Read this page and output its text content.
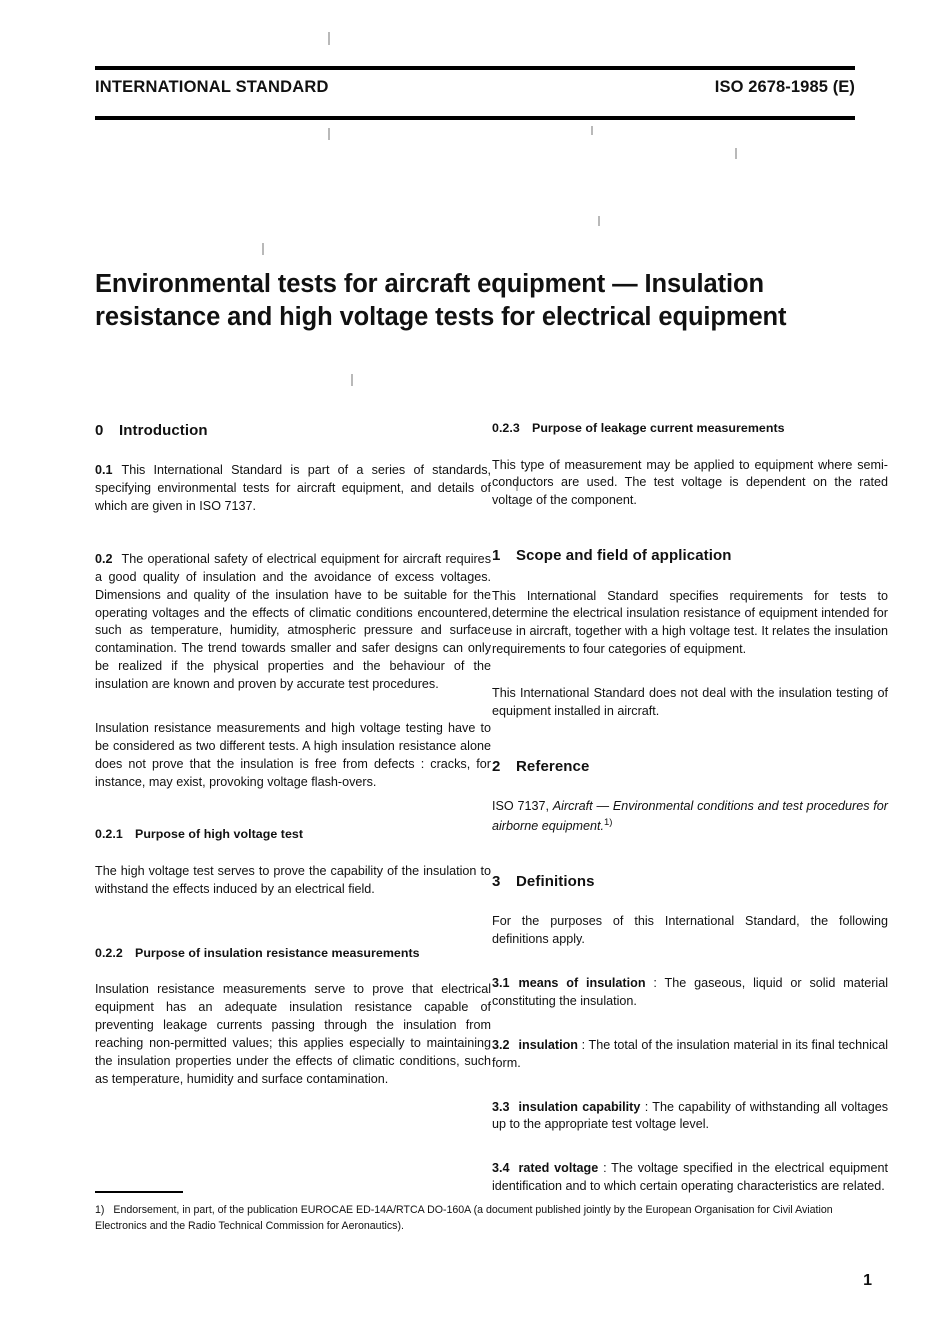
INTERNATIONAL STANDARD	ISO 2678-1985 (E)
Environmental tests for aircraft equipment — Insulation resistance and high voltage tests for electrical equipment
0 Introduction

0.1 This International Standard is part of a series of standards, specifying environmental tests for aircraft equipment, and details of which are given in ISO 7137.

0.2 The operational safety of electrical equipment for aircraft requires a good quality of insulation and the avoidance of excess voltages. Dimensions and quality of the insulation have to be suitable for the operating voltages and the effects of climatic conditions encountered, such as temperature, humidity, atmospheric pressure and surface contamination. The trend towards smaller and safer designs can only be realized if the physical properties and the behaviour of the insulation are known and proven by accurate test procedures.

Insulation resistance measurements and high voltage testing have to be considered as two different tests. A high insulation resistance alone does not prove that the insulation is free from defects : cracks, for instance, may exist, provoking voltage flash-overs.

0.2.1 Purpose of high voltage test

The high voltage test serves to prove the capability of the insulation to withstand the effects induced by an electrical field.

0.2.2 Purpose of insulation resistance measurements

Insulation resistance measurements serve to prove that electrical equipment has an adequate insulation resistance capable of preventing leakage currents passing through the insulation from reaching non-permitted values; this applies especially to maintaining the insulation properties under the effects of climatic conditions, such as temperature, humidity and surface contamination.

0.2.3 Purpose of leakage current measurements

This type of measurement may be applied to equipment where semi-conductors are used. The test voltage is dependent on the rated voltage of the component.

1 Scope and field of application

This International Standard specifies requirements for tests to determine the electrical insulation resistance of equipment intended for use in aircraft, together with a high voltage test. It relates the insulation requirements to four categories of equipment.

This International Standard does not deal with the insulation testing of equipment installed in aircraft.

2 Reference

ISO 7137, Aircraft — Environmental conditions and test procedures for airborne equipment.$^{1)}$

3 Definitions

For the purposes of this International Standard, the following definitions apply.

3.1 means of insulation : The gaseous, liquid or solid material constituting the insulation.

3.2 insulation : The total of the insulation material in its final technical form.

3.3 insulation capability : The capability of withstanding all voltages up to the appropriate test voltage level.

3.4 rated voltage : The voltage specified in the electrical equipment identification and to which certain operating characteristics are related.

1) Endorsement, in part, of the publication EUROCAE ED-14A/RTCA DO-160A (a document published jointly by the European Organisation for Civil Aviation Electronics and the Radio Technical Commission for Aeronautics).
1
